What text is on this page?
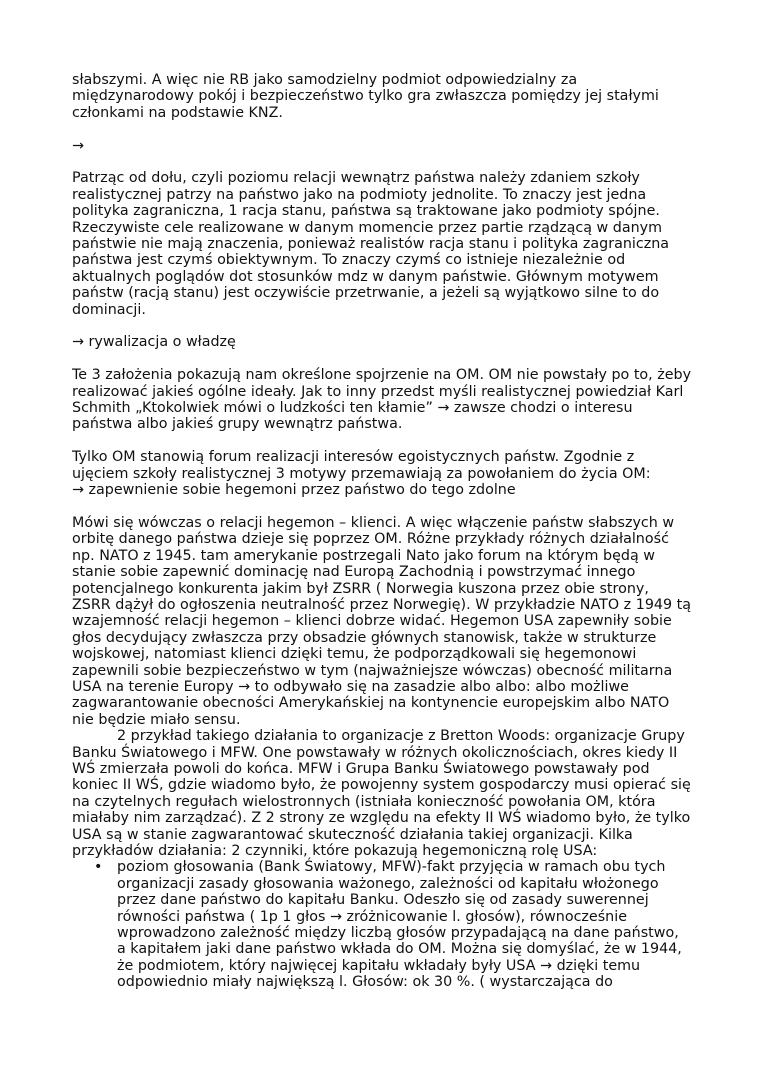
słabszymi. A więc nie RB jako samodzielny podmiot odpowiedzialny za międzynarodowy pokój i bezpieczeństwo tylko gra zwłaszcza pomiędzy jej stałymi członkami na podstawie KNZ.

→

Patrząc od dołu, czyli poziomu relacji wewnątrz państwa należy zdaniem szkoły realistycznej patrzy na państwo jako na podmioty jednolite. To znaczy jest jedna polityka zagraniczna, 1 racja stanu, państwa są traktowane jako podmioty spójne. Rzeczywiste cele realizowane w danym momencie przez partie rządzącą w danym państwie nie mają znaczenia, ponieważ realistów racja stanu i polityka zagraniczna państwa jest czymś obiektywnym. To znaczy czymś co istnieje niezależnie od aktualnych poglądów dot stosunków mdz w danym państwie. Głównym motywem państw (racją stanu) jest oczywiście przetrwanie, a jeżeli są wyjątkowo silne to do dominacji.

→ rywalizacja o władzę

Te 3 założenia pokazują nam określone spojrzenie na OM. OM nie powstały po to, żeby realizować jakieś ogólne ideały. Jak to inny przedst myśli realistycznej powiedział Karl Schmith „Ktokolwiek mówi o ludzkości ten kłamie” → zawsze chodzi o interesu państwa albo jakieś grupy wewnątrz państwa.

Tylko OM stanowią forum realizacji interesów egoistycznych państw. Zgodnie z ujęciem szkoły realistycznej 3 motywy przemawiają za powołaniem do życia OM:

→ zapewnienie sobie hegemoni przez państwo do tego zdolne

Mówi się wówczas o relacji hegemon – klienci. A więc włączenie państw słabszych w orbitę danego państwa dzieje się poprzez OM. Różne przykłady różnych działalność np. NATO z 1945. tam amerykanie postrzegali Nato jako forum na którym będą w stanie sobie zapewnić dominację nad Europą Zachodnią i powstrzymać innego potencjalnego konkurenta jakim był ZSRR ( Norwegia kuszona przez obie strony, ZSRR dążył do ogłoszenia neutralność przez Norwegię). W przykładzie NATO z 1949 tą wzajemność relacji hegemon – klienci dobrze widać. Hegemon USA zapewniły sobie głos decydujący zwłaszcza przy obsadzie głównych stanowisk, także w strukturze wojskowej, natomiast klienci dzięki temu, że podporządkowali się hegemonowi zapewnili sobie bezpieczeństwo w tym (najważniejsze wówczas) obecność militarna USA na terenie Europy → to odbywało się na zasadzie albo albo: albo możliwe zagwarantowanie obecności Amerykańskiej na kontynencie europejskim albo NATO nie będzie miało sensu.

2 przykład takiego działania to organizacje z Bretton Woods: organizacje Grupy Banku Światowego i MFW. One powstawały w różnych okolicznościach, okres kiedy II WŚ zmierzała powoli do końca. MFW i Grupa Banku Światowego powstawały pod koniec II WŚ, gdzie wiadomo było, że powojenny system gospodarczy musi opierać się na czytelnych regułach wielostronnych (istniała konieczność powołania OM, która miałaby nim zarządzać). Z 2 strony ze względu na efekty II WŚ wiadomo było, że tylko USA są w stanie zagwarantować skuteczność działania takiej organizacji. Kilka przykładów działania: 2 czynniki, które pokazują hegemoniczną rolę USA:

• poziom głosowania (Bank Światowy, MFW)-fakt przyjęcia w ramach obu tych organizacji zasady głosowania ważonego, zależności od kapitału włożonego przez dane państwo do kapitału Banku. Odeszło się od zasady suwerennej równości państwa ( 1p 1 głos → zróżnicowanie l. głosów), równocześnie wprowadzono zależność między liczbą głosów przypadającą na dane państwo, a kapitałem jaki dane państwo wkłada do OM. Można się domyślać, że w 1944, że podmiotem, który najwięcej kapitału wkładały były USA → dzięki temu odpowiednio miały największą l. Głosów: ok 30 %. ( wystarczająca do
